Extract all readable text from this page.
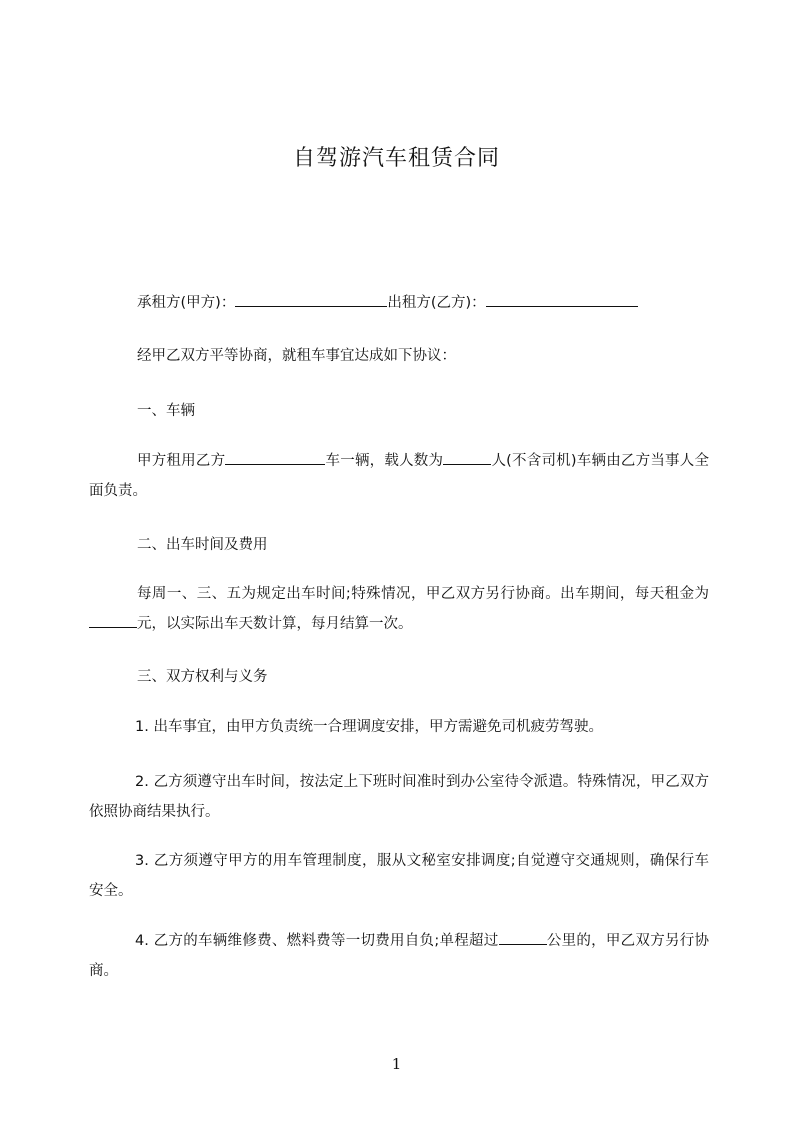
自驾游汽车租赁合同
承租方(甲方)：	出租方(乙方)：
经甲乙双方平等协商，就租车事宜达成如下协议：
一、车辆
甲方租用乙方	车一辆，载人数为	人(不含司机)车辆由乙方当事人全面负责。
二、出车时间及费用
每周一、三、五为规定出车时间;特殊情况，甲乙双方另行协商。出车期间，每天租金为元，以实际出车天数计算，每月结算一次。
三、双方权利与义务
1. 出车事宜，由甲方负责统一合理调度安排，甲方需避免司机疲劳驾驶。
2. 乙方须遵守出车时间，按法定上下班时间准时到办公室待令派遣。特殊情况，甲乙双方依照协商结果执行。
3. 乙方须遵守甲方的用车管理制度，服从文秘室安排调度;自觉遵守交通规则，确保行车安全。
4. 乙方的车辆维修费、燃料费等一切费用自负;单程超过	公里的，甲乙双方另行协商。
1
